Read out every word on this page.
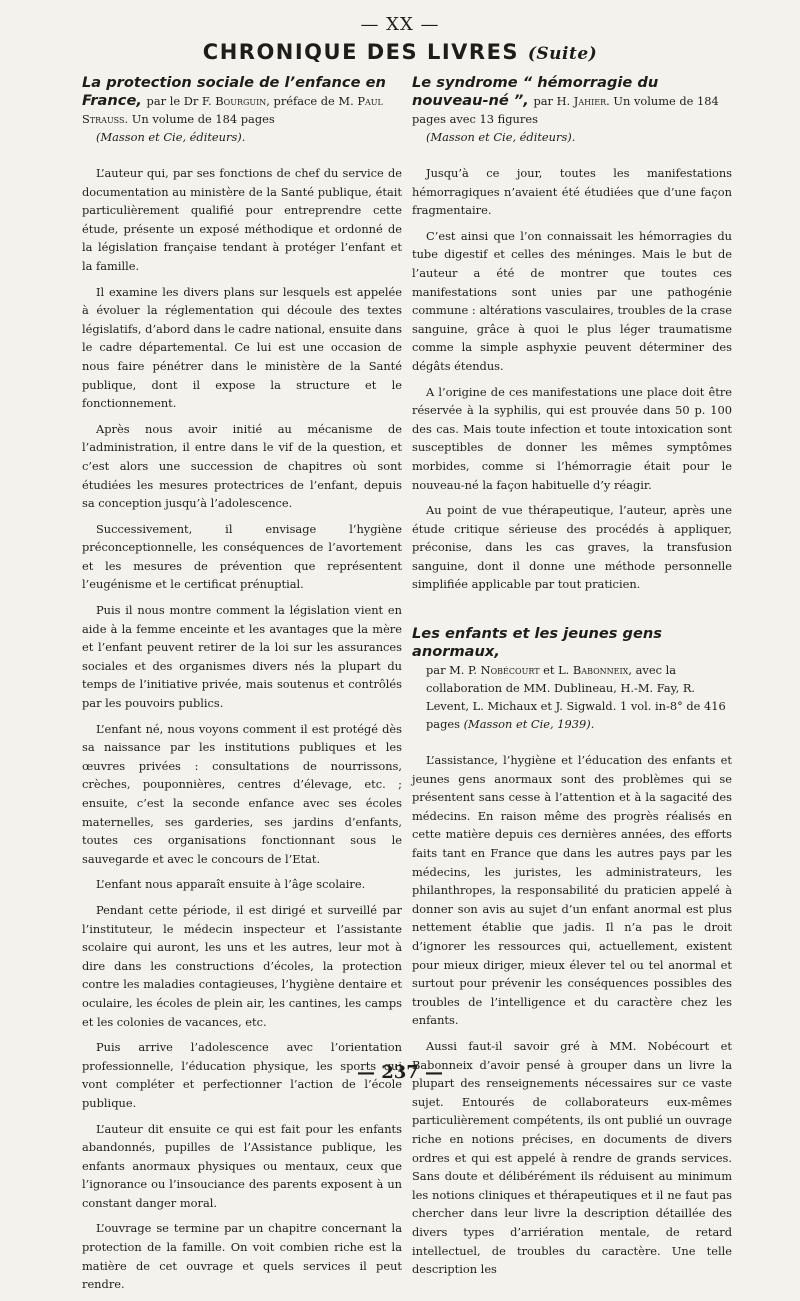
— XX —
CHRONIQUE DES LIVRES (Suite)

La protection sociale de l’enfance en France, par le Dr F. Bourguin, préface de M. Paul Strauss. Un volume de 184 pages

(Masson et Cie, éditeurs).

L’auteur qui, par ses fonctions de chef du service de documentation au ministère de la Santé publique, était particulièrement qualifié pour entreprendre cette étude, présente un exposé méthodique et ordonné de la législation française tendant à protéger l’enfant et la famille.

Il examine les divers plans sur lesquels est appelée à évoluer la réglementation qui découle des textes législatifs, d’abord dans le cadre national, ensuite dans le cadre départemental. Ce lui est une occasion de nous faire pénétrer dans le ministère de la Santé publique, dont il expose la structure et le fonctionnement.

Après nous avoir initié au mécanisme de l’administration, il entre dans le vif de la question, et c’est alors une succession de chapitres où sont étudiées les mesures protectrices de l’enfant, depuis sa conception jusqu’à l’adolescence.

Successivement, il envisage l’hygiène préconceptionnelle, les conséquences de l’avortement et les mesures de prévention que représentent l’eugénisme et le certificat prénuptial.

Puis il nous montre comment la législation vient en aide à la femme enceinte et les avantages que la mère et l’enfant peuvent retirer de la loi sur les assurances sociales et des organismes divers nés la plupart du temps de l’initiative privée, mais soutenus et contrôlés par les pouvoirs publics.

L’enfant né, nous voyons comment il est protégé dès sa naissance par les institutions publiques et les œuvres privées : consultations de nourrissons, crèches, pouponnières, centres d’élevage, etc. ; ensuite, c’est la seconde enfance avec ses écoles maternelles, ses garderies, ses jardins d’enfants, toutes ces organisations fonctionnant sous le sauvegarde et avec le concours de l’Etat.

L’enfant nous apparaît ensuite à l’âge scolaire.

Pendant cette période, il est dirigé et surveillé par l’instituteur, le médecin inspecteur et l’assistante scolaire qui auront, les uns et les autres, leur mot à dire dans les constructions d’écoles, la protection contre les maladies contagieuses, l’hygiène dentaire et oculaire, les écoles de plein air, les cantines, les camps et les colonies de vacances, etc.

Puis arrive l’adolescence avec l’orientation professionnelle, l’éducation physique, les sports qui vont compléter et perfectionner l’action de l’école publique.

L’auteur dit ensuite ce qui est fait pour les enfants abandonnés, pupilles de l’Assistance publique, les enfants anormaux physiques ou mentaux, ceux que l’ignorance ou l’insouciance des parents exposent à un constant danger moral.

L’ouvrage se termine par un chapitre concernant la protection de la famille. On voit combien riche est la matière de cet ouvrage et quels services il peut rendre.

Le syndrome “ hémorragie du nouveau-né ”, par H. Jahier. Un volume de 184 pages avec 13 figures

(Masson et Cie, éditeurs).

Jusqu’à ce jour, toutes les manifestations hémorragiques n’avaient été étudiées que d’une façon fragmentaire.

C’est ainsi que l’on connaissait les hémorragies du tube digestif et celles des méninges. Mais le but de l’auteur a été de montrer que toutes ces manifestations sont unies par une pathogénie commune : altérations vasculaires, troubles de la crase sanguine, grâce à quoi le plus léger traumatisme comme la simple asphyxie peuvent déterminer des dégâts étendus.

A l’origine de ces manifestations une place doit être réservée à la syphilis, qui est prouvée dans 50 p. 100 des cas. Mais toute infection et toute intoxication sont susceptibles de donner les mêmes symptômes morbides, comme si l’hémorragie était pour le nouveau-né la façon habituelle d’y réagir.

Au point de vue thérapeutique, l’auteur, après une étude critique sérieuse des procédés à appliquer, préconise, dans les cas graves, la transfusion sanguine, dont il donne une méthode personnelle simplifiée applicable par tout praticien.

Les enfants et les jeunes gens anormaux,

par M. P. Nobécourt et L. Babonneix, avec la collaboration de MM. Dublineau, H.-M. Fay, R. Levent, L. Michaux et J. Sigwald. 1 vol. in-8° de 416 pages (Masson et Cie, 1939).

L’assistance, l’hygiène et l’éducation des enfants et jeunes gens anormaux sont des problèmes qui se présentent sans cesse à l’attention et à la sagacité des médecins. En raison même des progrès réalisés en cette matière depuis ces dernières années, des efforts faits tant en France que dans les autres pays par les médecins, les juristes, les administrateurs, les philanthropes, la responsabilité du praticien appelé à donner son avis au sujet d’un enfant anormal est plus nettement établie que jadis. Il n’a pas le droit d’ignorer les ressources qui, actuellement, existent pour mieux diriger, mieux élever tel ou tel anormal et surtout pour prévenir les conséquences possibles des troubles de l’intelligence et du caractère chez les enfants.

Aussi faut-il savoir gré à MM. Nobécourt et Babonneix d’avoir pensé à grouper dans un livre la plupart des renseignements nécessaires sur ce vaste sujet. Entourés de collaborateurs eux-mêmes particulièrement compétents, ils ont publié un ouvrage riche en notions précises, en documents de divers ordres et qui est appelé à rendre de grands services. Sans doute et délibérément ils réduisent au minimum les notions cliniques et thérapeutiques et il ne faut pas chercher dans leur livre la description détaillée des divers types d’arriération mentale, de retard intellectuel, de troubles du caractère. Une telle description les

— 237 —
